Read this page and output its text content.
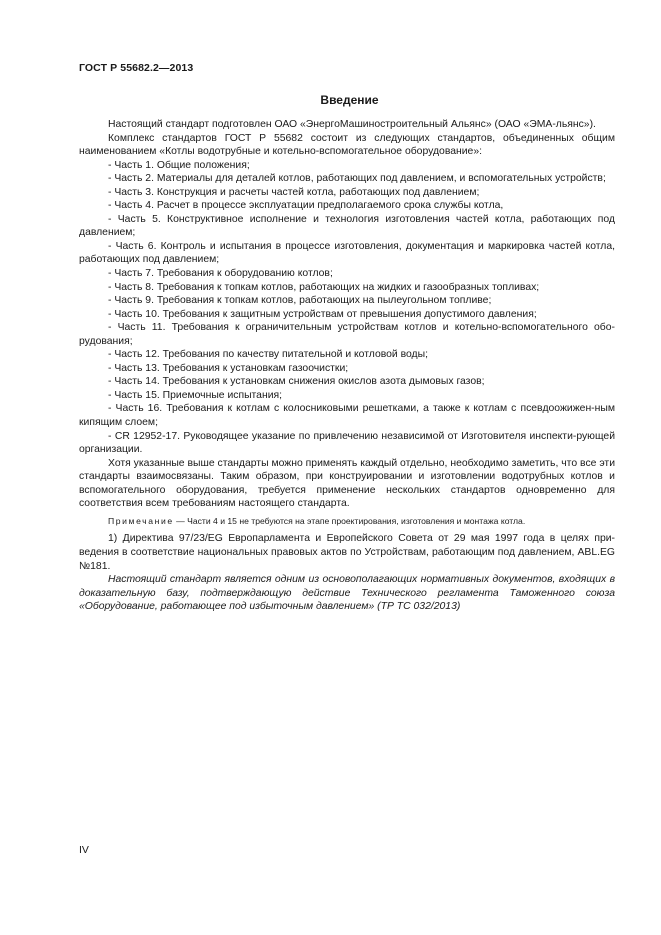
ГОСТ Р 55682.2—2013
Введение

Настоящий стандарт подготовлен ОАО «ЭнергоМашиностроительный Альянс» (ОАО «ЭМА-льянс»).

Комплекс стандартов ГОСТ Р 55682 состоит из следующих стандартов, объединенных общим наименованием «Котлы водотрубные и котельно-вспомогательное оборудование»:

- Часть 1. Общие положения;

- Часть 2. Материалы для деталей котлов, работающих под давлением, и вспомогательных устройств;

- Часть 3. Конструкция и расчеты частей котла, работающих под давлением;

- Часть 4. Расчет в процессе эксплуатации предполагаемого срока службы котла,

- Часть 5. Конструктивное исполнение и технология изготовления частей котла, работающих под давлением;

- Часть 6. Контроль и испытания в процессе изготовления, документация и маркировка частей котла, работающих под давлением;

- Часть 7. Требования к оборудованию котлов;

- Часть 8. Требования к топкам котлов, работающих на жидких и газообразных топливах;

- Часть 9. Требования к топкам котлов, работающих на пылеугольном топливе;

- Часть 10. Требования к защитным устройствам от превышения допустимого давления;

- Часть 11. Требования к ограничительным устройствам котлов и котельно-вспомогательного обо-рудования;

- Часть 12. Требования по качеству питательной и котловой воды;

- Часть 13. Требования к установкам газоочистки;

- Часть 14. Требования к установкам снижения окислов азота дымовых газов;

- Часть 15. Приемочные испытания;

- Часть 16. Требования к котлам с колосниковыми решетками, а также к котлам с псевдоожижен-ным кипящим слоем;

- CR 12952-17. Руководящее указание по привлечению независимой от Изготовителя инспекти-рующей организации.

Хотя указанные выше стандарты можно применять каждый отдельно, необходимо заметить, что все эти стандарты взаимосвязаны. Таким образом, при конструировании и изготовлении водотрубных котлов и вспомогательного оборудования, требуется применение нескольких стандартов одновременно для соответствия всем требованиям настоящего стандарта.

Примечание — Части 4 и 15 не требуются на этапе проектирования, изготовления и монтажа котла.

1) Директива 97/23/EG Европарламента и Европейского Совета от 29 мая 1997 года в целях при-ведения в соответствие национальных правовых актов по Устройствам, работающим под давлением, ABL.EG №181.

Настоящий стандарт является одним из основополагающих нормативных документов, входящих в доказательную базу, подтверждающую действие Технического регламента Таможенного союза «Оборудование, работающее под избыточным давлением» (ТР ТС 032/2013)

IV
